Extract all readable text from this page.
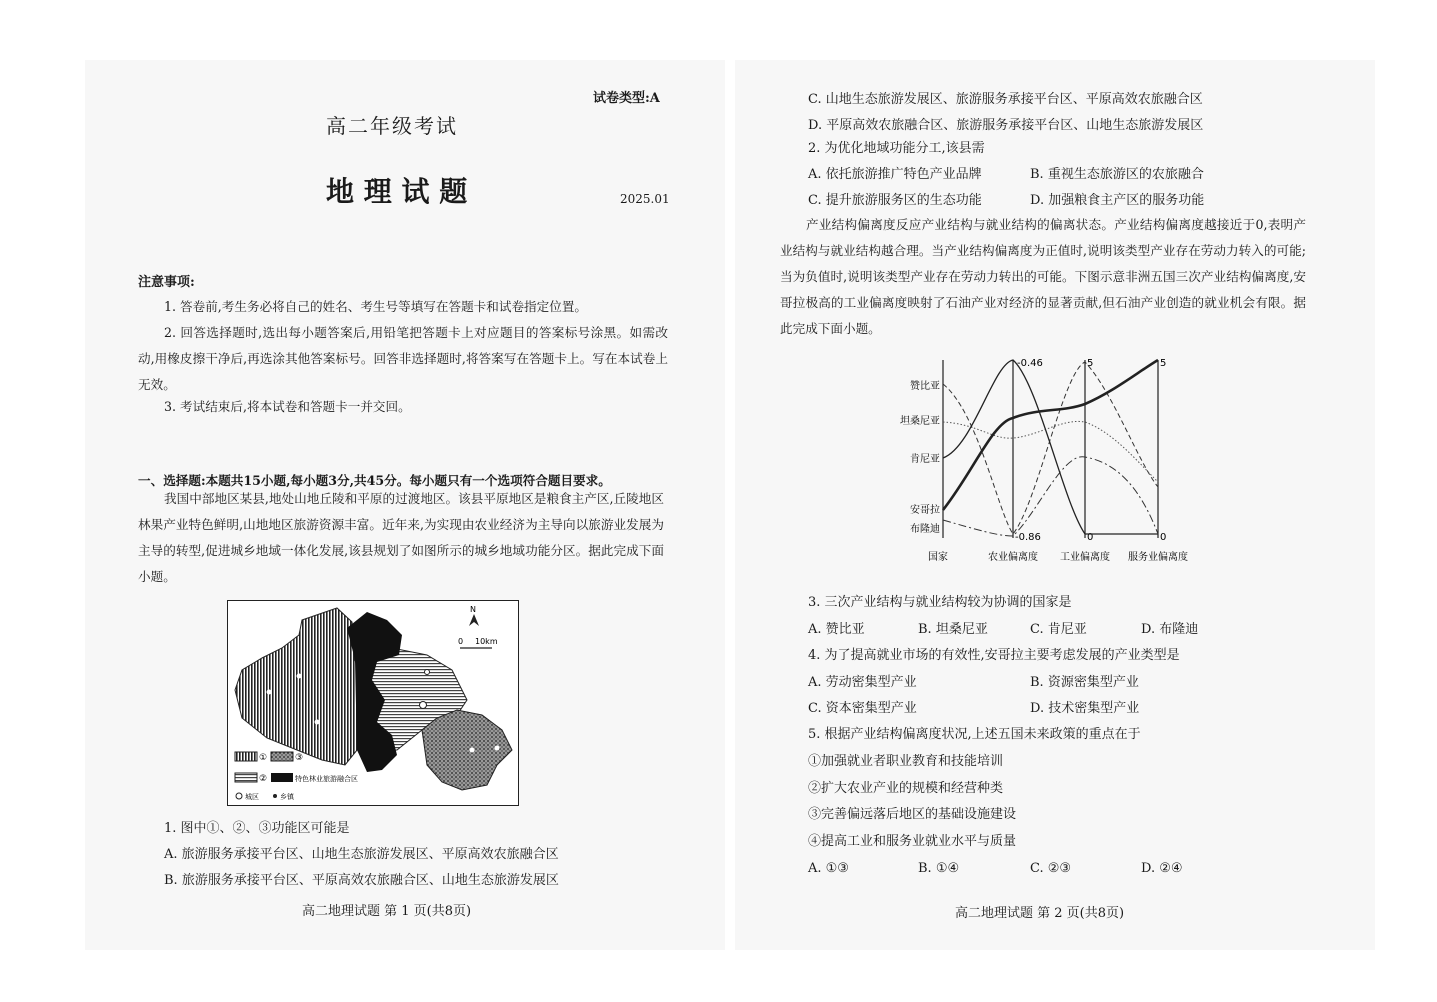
试卷类型:A
高二年级考试
地 理 试 题	2025.01
注意事项:
1. 答卷前,考生务必将自己的姓名、考生号等填写在答题卡和试卷指定位置。
2. 回答选择题时,选出每小题答案后,用铅笔把答题卡上对应题目的答案标号涂黑。如需改动,用橡皮擦干净后,再选涂其他答案标号。回答非选择题时,将答案写在答题卡上。写在本试卷上无效。
3. 考试结束后,将本试卷和答题卡一并交回。
一、选择题:本题共15小题,每小题3分,共45分。每小题只有一个选项符合题目要求。
我国中部地区某县,地处山地丘陵和平原的过渡地区。该县平原地区是粮食主产区,丘陵地区林果产业特色鲜明,山地地区旅游资源丰富。近年来,为实现由农业经济为主导向以旅游业发展为主导的转型,促进城乡地域一体化发展,该县规划了如图所示的城乡地域功能分区。据此完成下面小题。
N
0 10km
①	③
②	特色林业旅游融合区
城区	乡镇
1. 图中①、②、③功能区可能是
A. 旅游服务承接平台区、山地生态旅游发展区、平原高效农旅融合区
B. 旅游服务承接平台区、平原高效农旅融合区、山地生态旅游发展区
高二地理试题 第 1 页(共8页)
C. 山地生态旅游发展区、旅游服务承接平台区、平原高效农旅融合区
D. 平原高效农旅融合区、旅游服务承接平台区、山地生态旅游发展区
2. 为优化地域功能分工,该县需
A. 依托旅游推广特色产业品牌	B. 重视生态旅游区的农旅融合
C. 提升旅游服务区的生态功能	D. 加强粮食主产区的服务功能
产业结构偏离度反应产业结构与就业结构的偏离状态。产业结构偏离度越接近于0,表明产业结构与就业结构越合理。当产业结构偏离度为正值时,说明该类型产业存在劳动力转入的可能;当为负值时,说明该类型产业存在劳动力转出的可能。下图示意非洲五国三次产业结构偏离度,安哥拉极高的工业偏离度映射了石油产业对经济的显著贡献,但石油产业创造的就业机会有限。据此完成下面小题。
赞比亚
坦桑尼亚
肯尼亚
安哥拉
布隆迪
-0.46
-0.86
5
0
5
0
国家	农业偏离度 工业偏离度 服务业偏离度
3. 三次产业结构与就业结构较为协调的国家是
A. 赞比亚	B. 坦桑尼亚	C. 肯尼亚	D. 布隆迪
4. 为了提高就业市场的有效性,安哥拉主要考虑发展的产业类型是
A. 劳动密集型产业	B. 资源密集型产业
C. 资本密集型产业	D. 技术密集型产业
5. 根据产业结构偏离度状况,上述五国未来政策的重点在于
①加强就业者职业教育和技能培训
②扩大农业产业的规模和经营种类
③完善偏远落后地区的基础设施建设
④提高工业和服务业就业水平与质量
A. ①③	B. ①④	C. ②③	D. ②④
高二地理试题 第 2 页(共8页)
